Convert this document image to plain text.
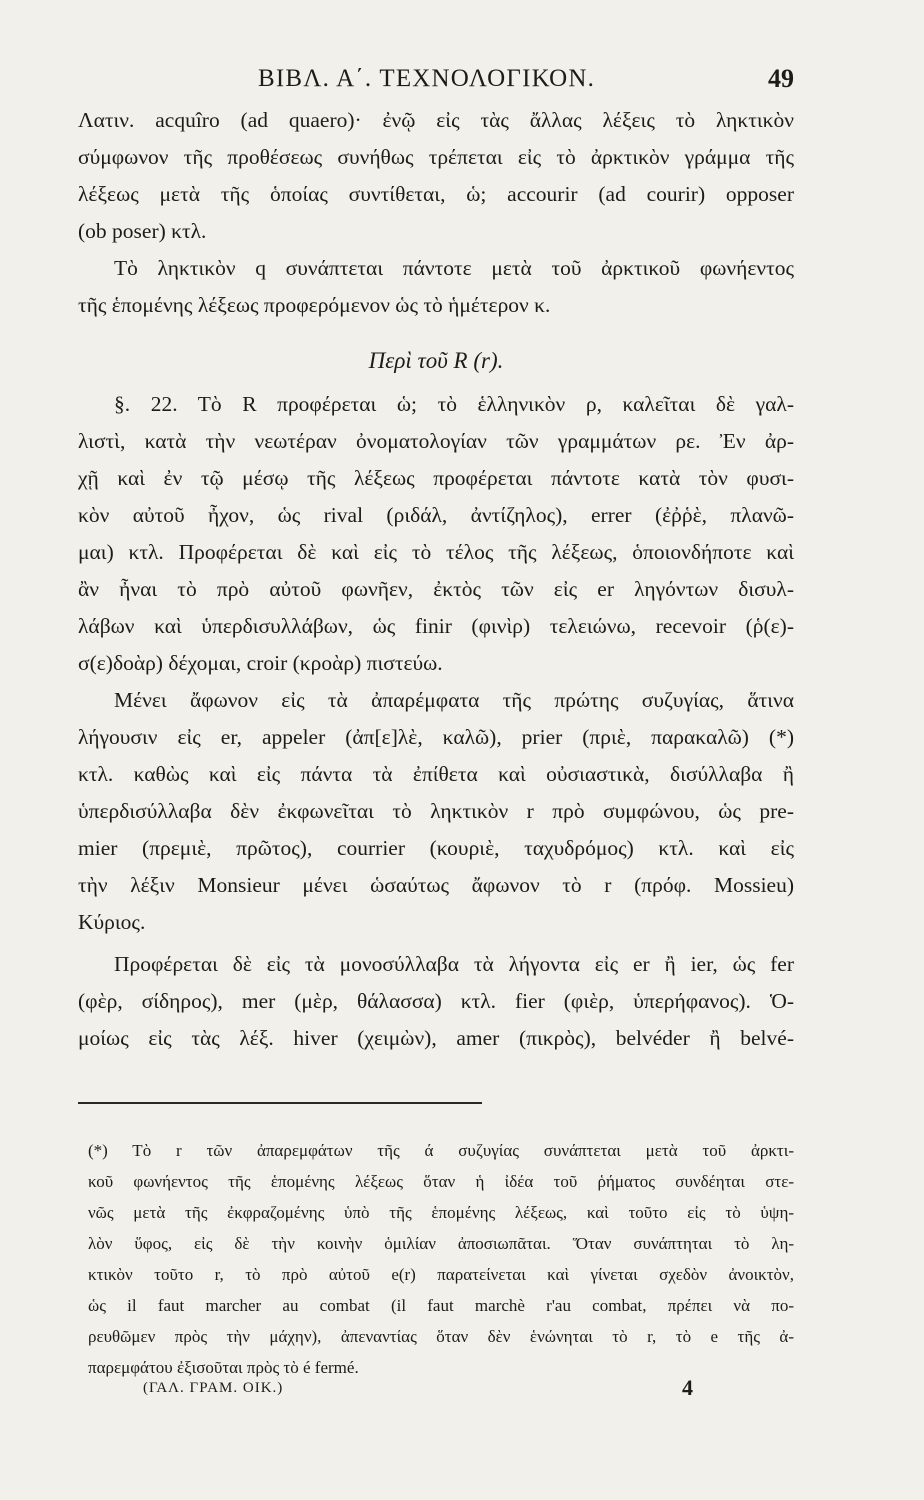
ΒΙΒΛ. Α΄. ΤΕΧΝΟΛΟΓΙΚΟΝ.	49
Λατιν. acquîro (ad quaero)· ἐνῷ εἰς τὰς ἄλλας λέξεις τὸ ληκτικὸν
σύμφωνον τῆς προθέσεως συνήθως τρέπεται εἰς τὸ ἀρκτικὸν γράμμα τῆς
λέξεως μετὰ τῆς ὁποίας συντίθεται, ὡ; accourir (ad courir) opposer
(ob poser) κτλ.
Τὸ ληκτικὸν q συνάπτεται πάντοτε μετὰ τοῦ ἀρκτικοῦ φωνήεντος
τῆς ἑπομένης λέξεως προφερόμενον ὡς τὸ ἡμέτερον κ.
Περὶ τοῦ R (r).
§. 22. Τὸ R προφέρεται ὡ; τὸ ἑλληνικὸν ρ, καλεῖται δὲ γαλ-
λιστὶ, κατὰ τὴν νεωτέραν ὀνοματολογίαν τῶν γραμμάτων ρε. Ἐν ἀρ-
χῇ καὶ ἐν τῷ μέσῳ τῆς λέξεως προφέρεται πάντοτε κατὰ τὸν φυσι-
κὸν αὐτοῦ ἦχον, ὡς rival (ριδάλ, ἀντίζηλος), errer (ἐῤῥὲ, πλανῶ-
μαι) κτλ. Προφέρεται δὲ καὶ εἰς τὸ τέλος τῆς λέξεως, ὁποιονδήποτε καὶ
ἂν ἦναι τὸ πρὸ αὐτοῦ φωνῆεν, ἐκτὸς τῶν εἰς er ληγόντων δισυλ-
λάβων καὶ ὑπερδισυλλάβων, ὡς finir (φινὶρ) τελειώνω, recevoir (ῥ(ε)-
σ(ε)δοὰρ) δέχομαι, croir (κροὰρ) πιστεύω.
Μένει ἄφωνον εἰς τὰ ἀπαρέμφατα τῆς πρώτης συζυγίας, ἅτινα
λήγουσιν εἰς er, appeler (ἀπ[ε]λὲ, καλῶ), prier (πριὲ, παρακαλῶ) (*)
κτλ. καθὼς καὶ εἰς πάντα τὰ ἐπίθετα καὶ οὐσιαστικὰ, δισύλλαβα ἢ
ὑπερδισύλλαβα δὲν ἐκφωνεῖται τὸ ληκτικὸν r πρὸ συμφώνου, ὡς pre-
mier (πρεμιὲ, πρῶτος), courrier (κουριὲ, ταχυδρόμος) κτλ. καὶ εἰς
τὴν λέξιν Monsieur μένει ὡσαύτως ἄφωνον τὸ r (πρόφ. Mossieu)
Κύριος.
Προφέρεται δὲ εἰς τὰ μονοσύλλαβα τὰ λήγοντα εἰς er ἢ ier, ὡς fer
(φὲρ, σίδηρος), mer (μὲρ, θάλασσα) κτλ. fier (φιὲρ, ὑπερήφανος). Ὁ-
μοίως εἰς τὰς λέξ. hiver (χειμὼν), amer (πικρὸς), belvéder ἢ belvé-
(*) Τὸ r τῶν ἀπαρεμφάτων τῆς ά συζυγίας συνάπτεται μετὰ τοῦ ἀρκτι-
κοῦ φωνήεντος τῆς ἑπομένης λέξεως ὅταν ἡ ἰδέα τοῦ ῥήματος συνδέηται στε-
νῶς μετὰ τῆς ἐκφραζομένης ὑπὸ τῆς ἑπομένης λέξεως, καὶ τοῦτο εἰς τὸ ὑψη-
λὸν ὕφος, εἰς δὲ τὴν κοινὴν ὁμιλίαν ἀποσιωπᾶται. Ὅταν συνάπτηται τὸ λη-
κτικὸν τοῦτο r, τὸ πρὸ αὐτοῦ e(r) παρατείνεται καὶ γίνεται σχεδὸν ἀνοικτὸν,
ὡς il faut marcher au combat (il faut marchè r'au combat, πρέπει νὰ πο-
ρευθῶμεν πρὸς τὴν μάχην), ἀπεναντίας ὅταν δὲν ἑνώνηται τὸ r, τὸ e τῆς ἀ-
παρεμφάτου ἐξισοῦται πρὸς τὸ é fermé.
(ΓΑΛ. ΓΡΑΜ. ΟΙΚ.)	4
